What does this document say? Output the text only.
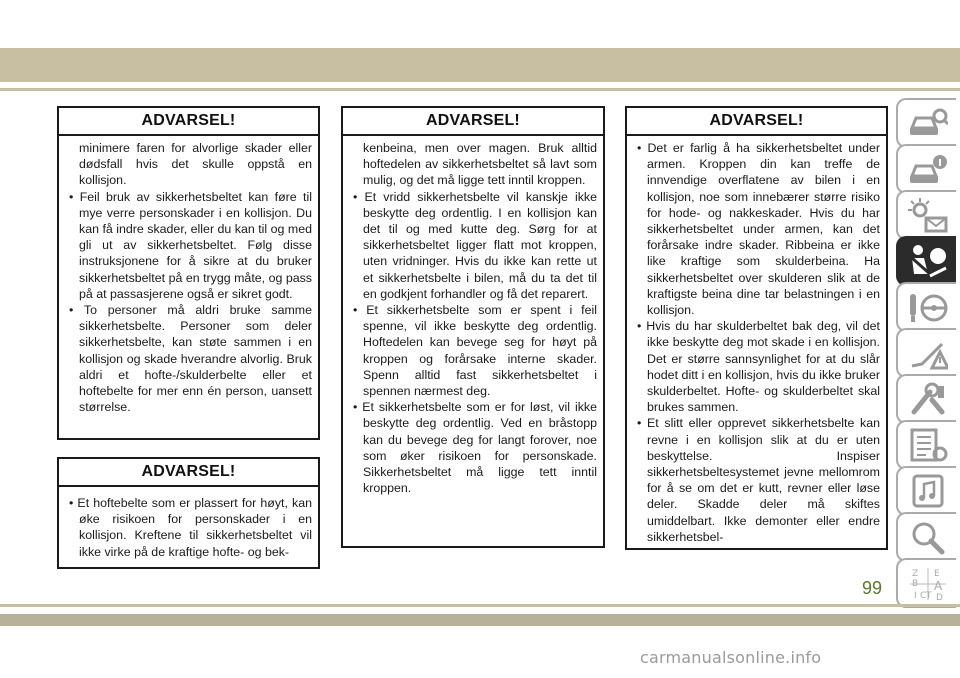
ADVARSEL!

minimere faren for alvorlige skader eller dødsfall hvis det skulle oppstå en kollisjon.

• Feil bruk av sikkerhetsbeltet kan føre til mye verre personskader i en kollisjon. Du kan få indre skader, eller du kan til og med gli ut av sikkerhetsbeltet. Følg disse instruksjonene for å sikre at du bruker sikkerhetsbeltet på en trygg måte, og pass på at passasjerene også er sikret godt.

• To personer må aldri bruke samme sikkerhetsbelte. Personer som deler sikkerhetsbelte, kan støte sammen i en kollisjon og skade hverandre alvorlig. Bruk aldri et hofte-/skulderbelte eller et hoftebelte for mer enn én person, uansett størrelse.

ADVARSEL!

• Et hoftebelte som er plassert for høyt, kan øke risikoen for personskader i en kollisjon. Kreftene til sikkerhetsbeltet vil ikke virke på de kraftige hofte- og bek-

ADVARSEL!

kenbeina, men over magen. Bruk alltid hoftedelen av sikkerhetsbeltet så lavt som mulig, og det må ligge tett inntil kroppen.

• Et vridd sikkerhetsbelte vil kanskje ikke beskytte deg ordentlig. I en kollisjon kan det til og med kutte deg. Sørg for at sikkerhetsbeltet ligger flatt mot kroppen, uten vridninger. Hvis du ikke kan rette ut et sikkerhetsbelte i bilen, må du ta det til en godkjent forhandler og få det reparert.

• Et sikkerhetsbelte som er spent i feil spenne, vil ikke beskytte deg ordentlig. Hoftedelen kan bevege seg for høyt på kroppen og forårsake interne skader. Spenn alltid fast sikkerhetsbeltet i spennen nærmest deg.

• Et sikkerhetsbelte som er for løst, vil ikke beskytte deg ordentlig. Ved en bråstopp kan du bevege deg for langt forover, noe som øker risikoen for personskade. Sikkerhetsbeltet må ligge tett inntil kroppen.

ADVARSEL!

• Det er farlig å ha sikkerhetsbeltet under armen. Kroppen din kan treffe de innvendige overflatene av bilen i en kollisjon, noe som innebærer større risiko for hode- og nakkeskader. Hvis du har sikkerhetsbeltet under armen, kan det forårsake indre skader. Ribbeina er ikke like kraftige som skulderbeina. Ha sikkerhetsbeltet over skulderen slik at de kraftigste beina dine tar belastningen i en kollisjon.

• Hvis du har skulderbeltet bak deg, vil det ikke beskytte deg mot skade i en kollisjon. Det er større sannsynlighet for at du slår hodet ditt i en kollisjon, hvis du ikke bruker skulderbeltet. Hofte- og skulderbeltet skal brukes sammen.

• Et slitt eller opprevet sikkerhetsbelte kan revne i en kollisjon slik at du er uten beskyttelse. Inspiser sikkerhetsbeltesystemet jevne mellomrom for å se om det er kutt, revner eller løse deler. Skadde deler må skiftes umiddelbart. Ikke demonter eller endre sikkerhetsbel-

Z E
B A
I C T D
99
carmanualsonline.info
